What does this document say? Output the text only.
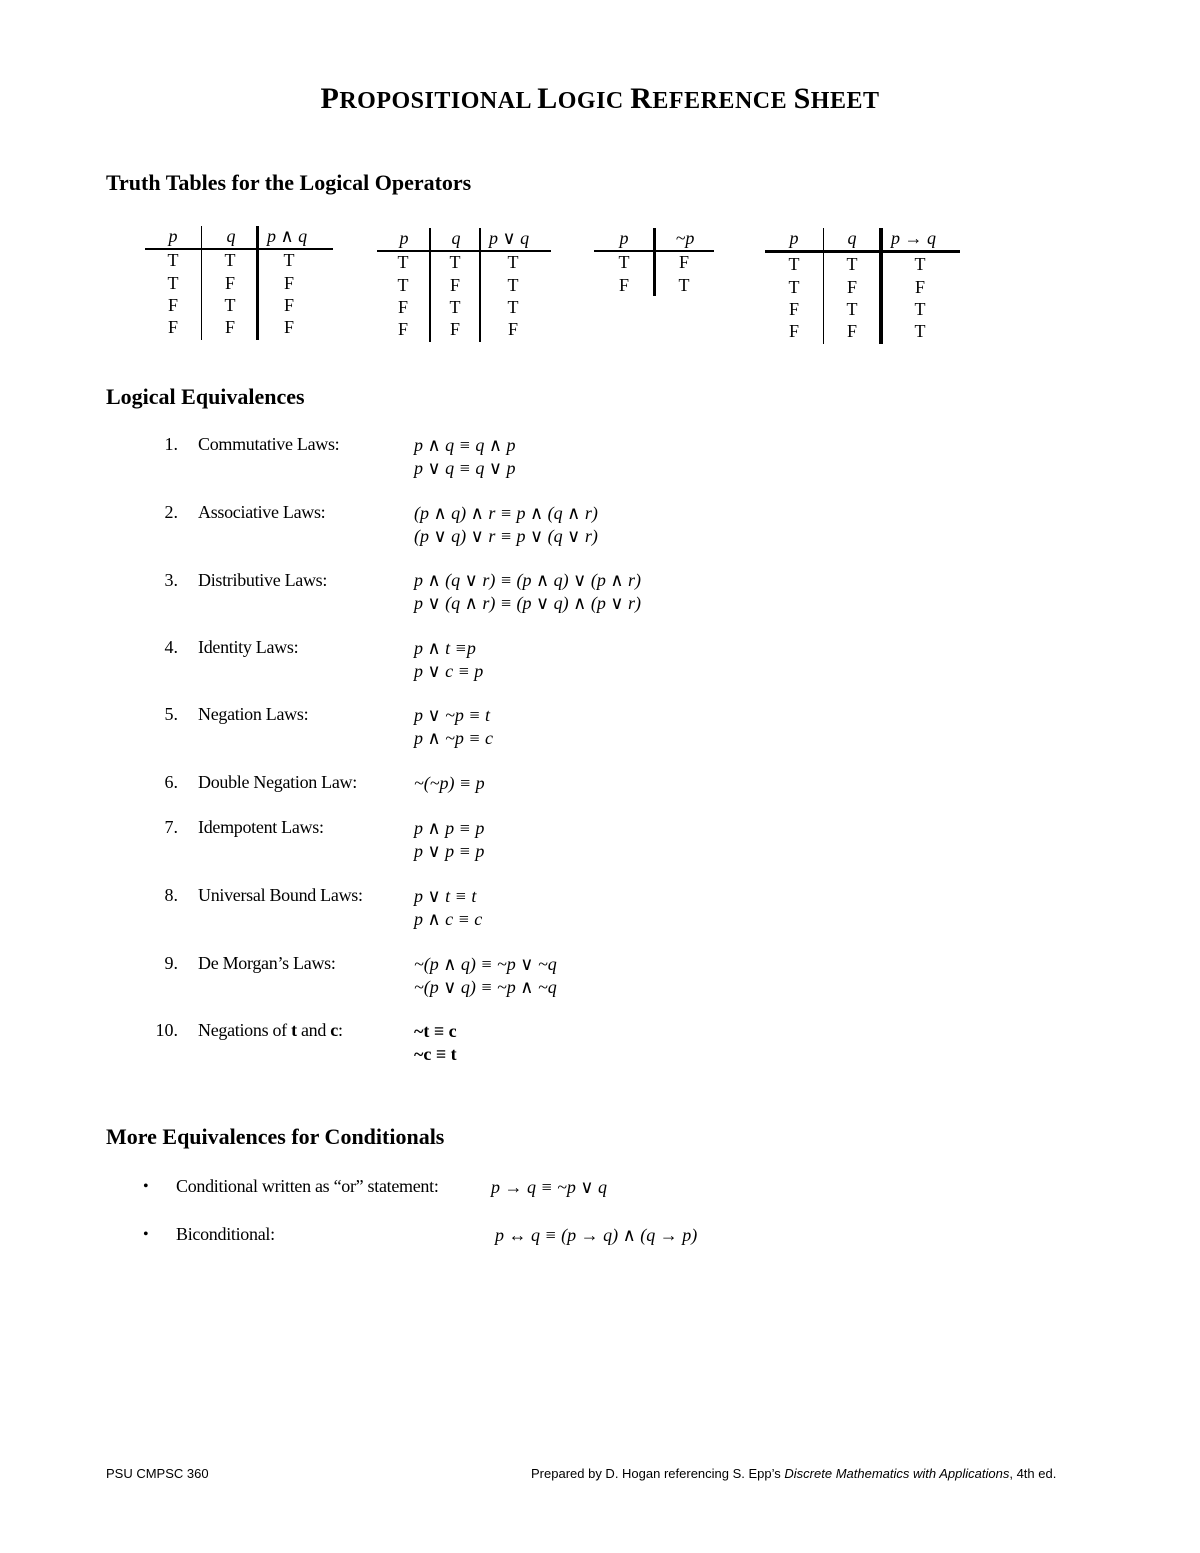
PROPOSITIONAL LOGIC REFERENCE SHEET
Truth Tables for the Logical Operators
p	q	p ∧ q
T	T	T
T	F	F
F	T	F
F	F	F
p	q	p ∨ q
T	T	T
T	F	T
F	T	T
F	F	F
p	~p
T	F
F	T
p	q	p → q
T	T	T
T	F	F
F	T	T
F	F	T
Logical Equivalences
1. Commutative Laws:	p ∧ q ≡ q ∧ p
p ∨ q ≡ q ∨ p
2. Associative Laws:	(p ∧ q) ∧ r ≡ p ∧ (q ∧ r)
(p ∨ q) ∨ r ≡ p ∨ (q ∨ r)
3. Distributive Laws:	p ∧ (q ∨ r) ≡ (p ∧ q) ∨ (p ∧ r)
p ∨ (q ∧ r) ≡ (p ∨ q) ∧ (p ∨ r)
4. Identity Laws:	p ∧ t ≡p
p ∨ c ≡ p
5. Negation Laws:	p ∨ ~p ≡ t
p ∧ ~p ≡ c
6. Double Negation Law:	~(~p) ≡ p
7. Idempotent Laws:	p ∧ p ≡ p
p ∨ p ≡ p
8. Universal Bound Laws:	p ∨ t ≡ t
p ∧ c ≡ c
9. De Morgan’s Laws:	~(p ∧ q) ≡ ~p ∨ ~q
~(p ∨ q) ≡ ~p ∧ ~q
10. Negations of t and c:	~t ≡ c
~c ≡ t
More Equivalences for Conditionals
• Conditional written as “or” statement:	p → q ≡ ~p ∨ q
• Biconditional:	p ↔ q ≡ (p → q) ∧ (q → p)
PSU CMPSC 360	Prepared by D. Hogan referencing S. Epp’s Discrete Mathematics with Applications, 4th ed.
